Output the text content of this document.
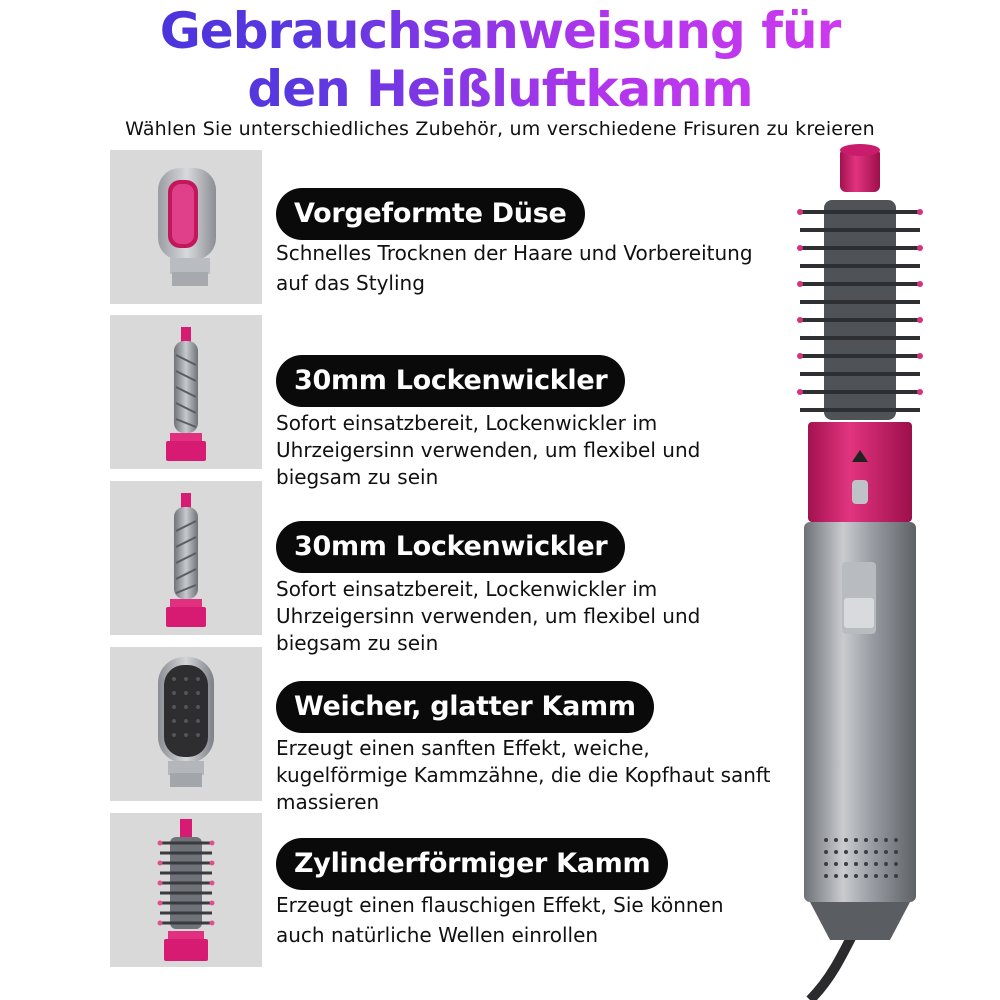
Gebrauchsanweisung für
den Heißluftkamm
Wählen Sie unterschiedliches Zubehör, um verschiedene Frisuren zu kreieren
Vorgeformte Düse
Schnelles Trocknen der Haare und Vorbereitung auf das Styling
30mm Lockenwickler
Sofort einsatzbereit, Lockenwickler im Uhrzeigersinn verwenden, um flexibel und biegsam zu sein
30mm Lockenwickler
Sofort einsatzbereit, Lockenwickler im Uhrzeigersinn verwenden, um flexibel und biegsam zu sein
Weicher, glatter Kamm
Erzeugt einen sanften Effekt, weiche, kugelförmige Kammzähne, die die Kopfhaut sanft massieren
Zylinderförmiger Kamm
Erzeugt einen flauschigen Effekt, Sie können auch natürliche Wellen einrollen
